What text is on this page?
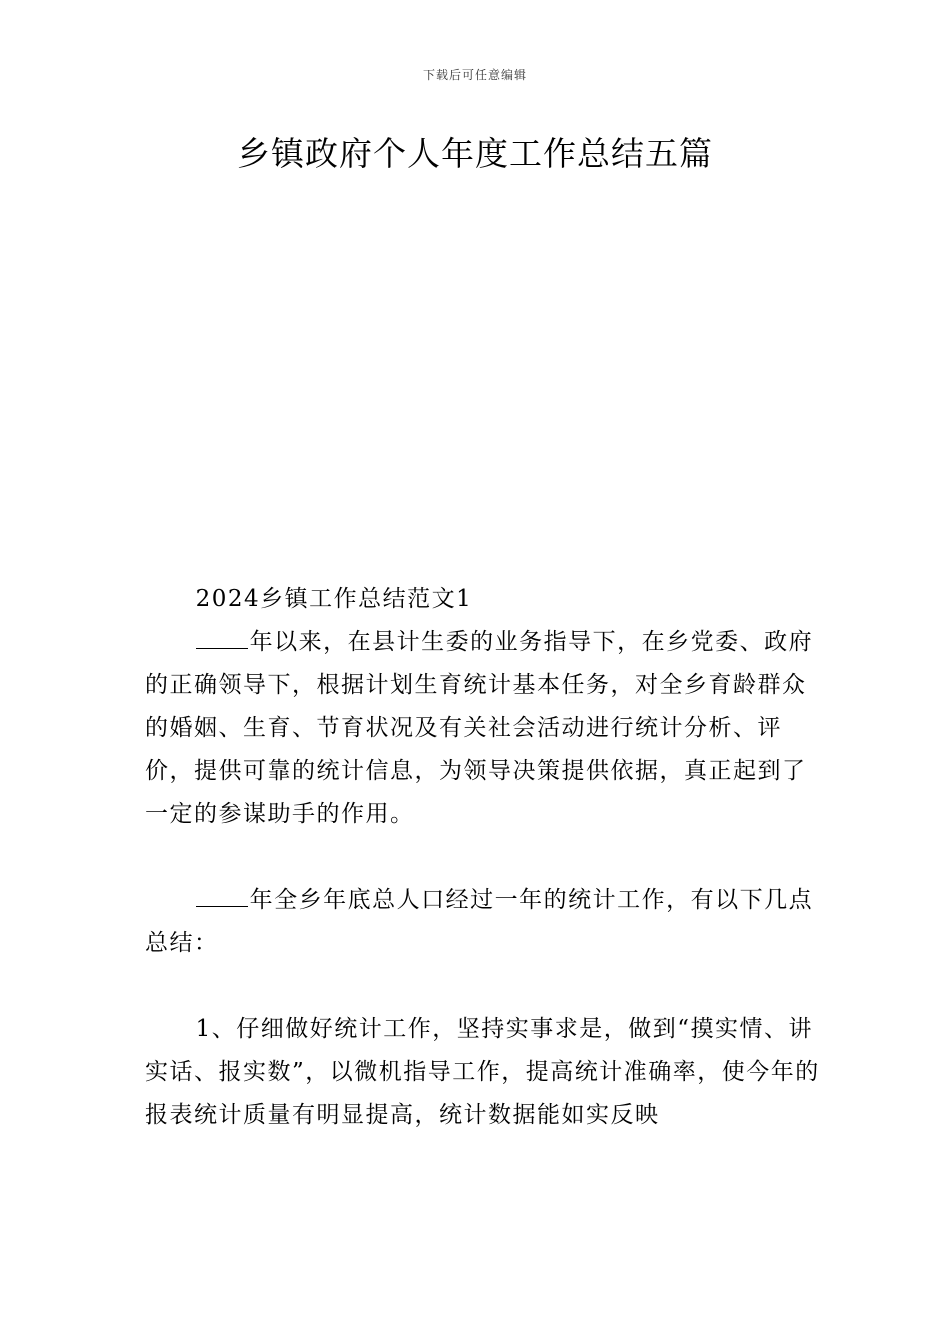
下载后可任意编辑
乡镇政府个人年度工作总结五篇

2024乡镇工作总结范文1

年以来，在县计生委的业务指导下，在乡党委、政府的正确领导下，根据计划生育统计基本任务，对全乡育龄群众的婚姻、生育、节育状况及有关社会活动进行统计分析、评价，提供可靠的统计信息，为领导决策提供依据，真正起到了一定的参谋助手的作用。

年全乡年底总人口经过一年的统计工作，有以下几点总结：

1、仔细做好统计工作，坚持实事求是，做到“摸实情、讲实话、报实数”，以微机指导工作，提高统计准确率，使今年的报表统计质量有明显提高，统计数据能如实反映
